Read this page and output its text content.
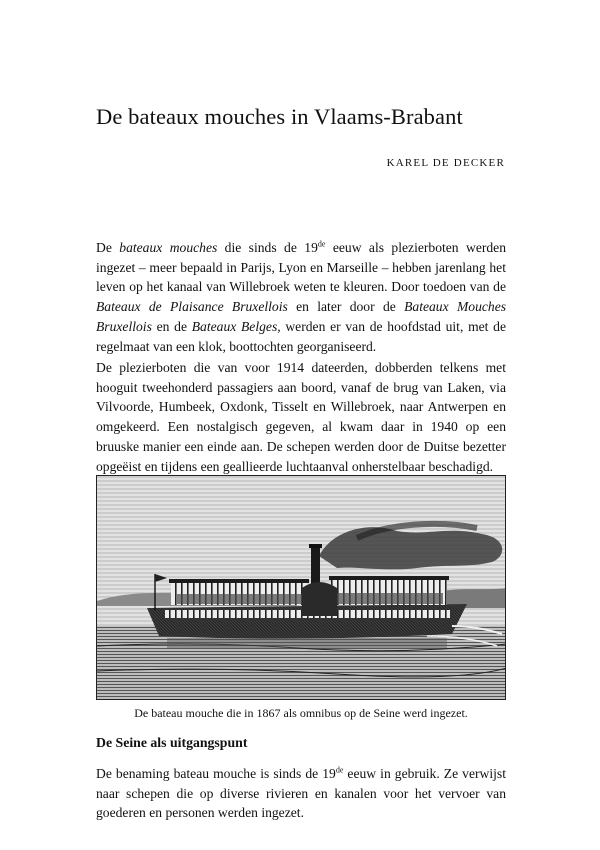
De bateaux mouches in Vlaams-Brabant
KAREL DE DECKER

De bateaux mouches die sinds de 19de eeuw als plezierboten werden ingezet – meer bepaald in Parijs, Lyon en Marseille – hebben jarenlang het leven op het kanaal van Willebroek weten te kleuren. Door toedoen van de Bateaux de Plaisance Bruxellois en later door de Bateaux Mouches Bruxellois en de Bateaux Belges, werden er van de hoofdstad uit, met de regelmaat van een klok, boottochten georganiseerd.

De plezierboten die van voor 1914 dateerden, dobberden telkens met hooguit tweehonderd passagiers aan boord, vanaf de brug van Laken, via Vilvoorde, Humbeek, Oxdonk, Tisselt en Willebroek, naar Antwerpen en omgekeerd. Een nostalgisch gegeven, al kwam daar in 1940 op een bruuske manier een einde aan. De schepen werden door de Duitse bezetter opgeëist en tijdens een geallieerde luchtaanval onherstelbaar beschadigd.

De bateau mouche die in 1867 als omnibus op de Seine werd ingezet.
De Seine als uitgangspunt

De benaming bateau mouche is sinds de 19de eeuw in gebruik. Ze verwijst naar schepen die op diverse rivieren en kanalen voor het vervoer van goederen en personen werden ingezet.
